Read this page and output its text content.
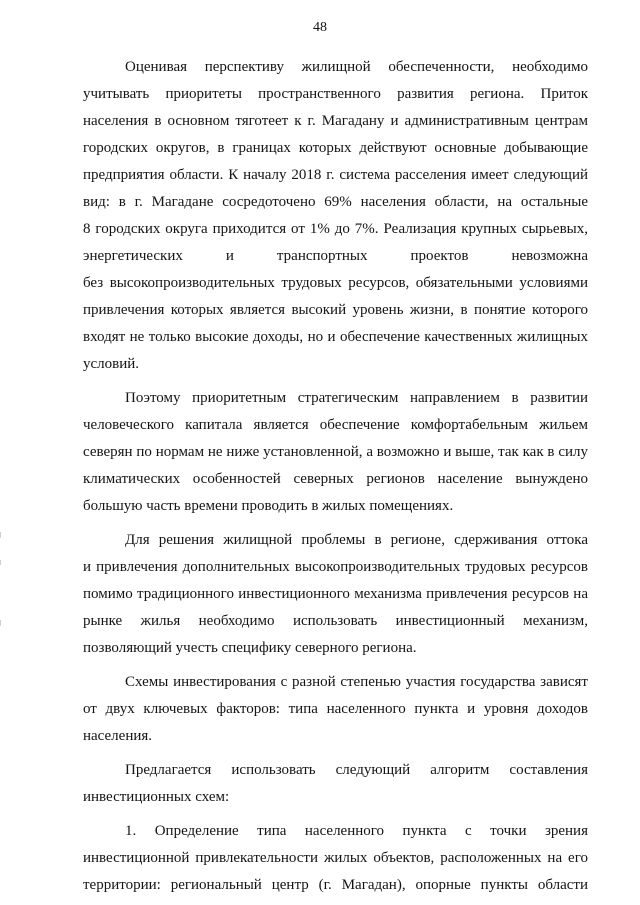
48
Оценивая перспективу жилищной обеспеченности, необходимо
учитывать приоритеты пространственного развития региона. Приток
населения в основном тяготеет к г. Магадану и административным центрам
городских округов, в границах которых действуют основные добывающие
предприятия области. К началу 2018 г. система расселения имеет следующий
вид: в г. Магадане сосредоточено 69% населения области, на остальные
8 городских округа приходится от 1% до 7%. Реализация крупных сырьевых,
энергетических и транспортных проектов невозможна
без высокопроизводительных трудовых ресурсов, обязательными условиями
привлечения которых является высокий уровень жизни, в понятие которого
входят не только высокие доходы, но и обеспечение качественных жилищных
условий.
Поэтому приоритетным стратегическим направлением в развитии
человеческого капитала является обеспечение комфортабельным жильем
северян по нормам не ниже установленной, а возможно и выше, так как в силу
климатических особенностей северных регионов население вынуждено
большую часть времени проводить в жилых помещениях.
Для решения жилищной проблемы в регионе, сдерживания оттока
и привлечения дополнительных высокопроизводительных трудовых ресурсов
помимо традиционного инвестиционного механизма привлечения ресурсов на
рынке жилья необходимо использовать инвестиционный механизм,
позволяющий учесть специфику северного региона.
Схемы инвестирования с разной степенью участия государства зависят
от двух ключевых факторов: типа населенного пункта и уровня доходов
населения.
Предлагается использовать следующий алгоритм составления
инвестиционных схем:
1. Определение типа населенного пункта с точки зрения
инвестиционной привлекательности жилых объектов, расположенных на его
территории: региональный центр (г. Магадан), опорные пункты области
